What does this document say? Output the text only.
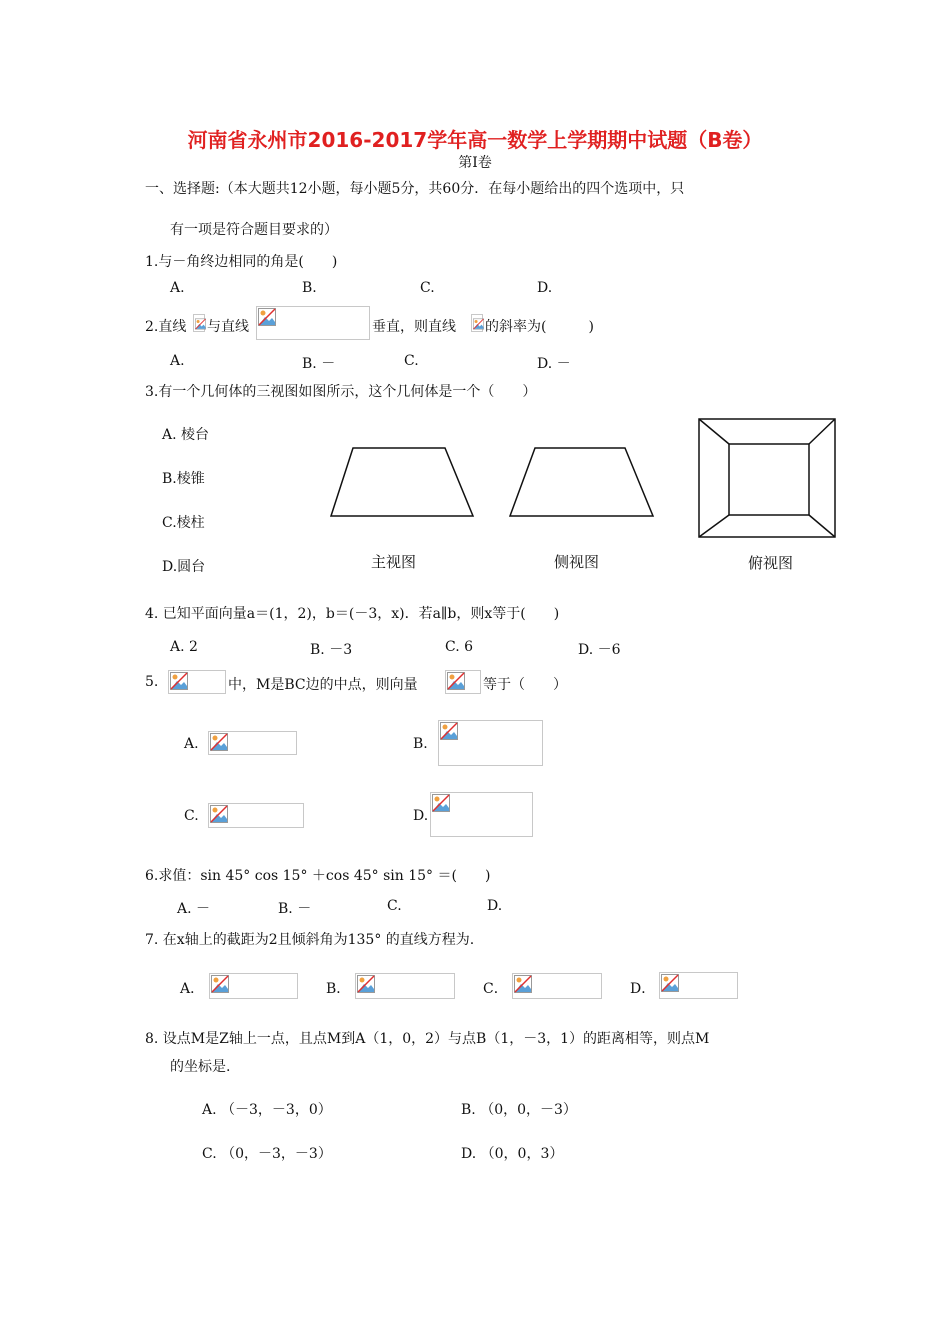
河南省永州市2016-2017学年高一数学上学期期中试题（B卷）
第Ⅰ卷
一、选择题:（本大题共12小题，每小题5分，共60分．在每小题给出的四个选项中，只
有一项是符合题目要求的）
1.与－角终边相同的角是(　　)
A.	B.	C.	D.
2.直线 与直线	垂直，则直线 的斜率为(　　　)
A.	B. －	C.	D. －
3.有一个几何体的三视图如图所示，这个几何体是一个（　　）
A. 棱台
B.棱锥
C.棱柱
D.圆台	主视图	侧视图	俯视图
4. 已知平面向量a＝(1，2)，b＝(－3，x)．若a∥b，则x等于(　　)
A. 2	B. －3	C. 6	D. －6
5.	中，M是BC边的中点，则向量	等于（　　）
A.	B.
C.	D.
6.求值：sin 45° cos 15° ＋cos 45° sin 15° ＝(　　)
A. －	B. －	C.	D.
7. 在x轴上的截距为2且倾斜角为135° 的直线方程为.
A．	B．	C．	D．
8. 设点M是Z轴上一点，且点M到A（1，0，2）与点B（1，－3，1）的距离相等，则点M
的坐标是.
A. （－3，－3，0）	B. （0，0，－3）
C. （0，－3，－3）	D. （0，0，3）
